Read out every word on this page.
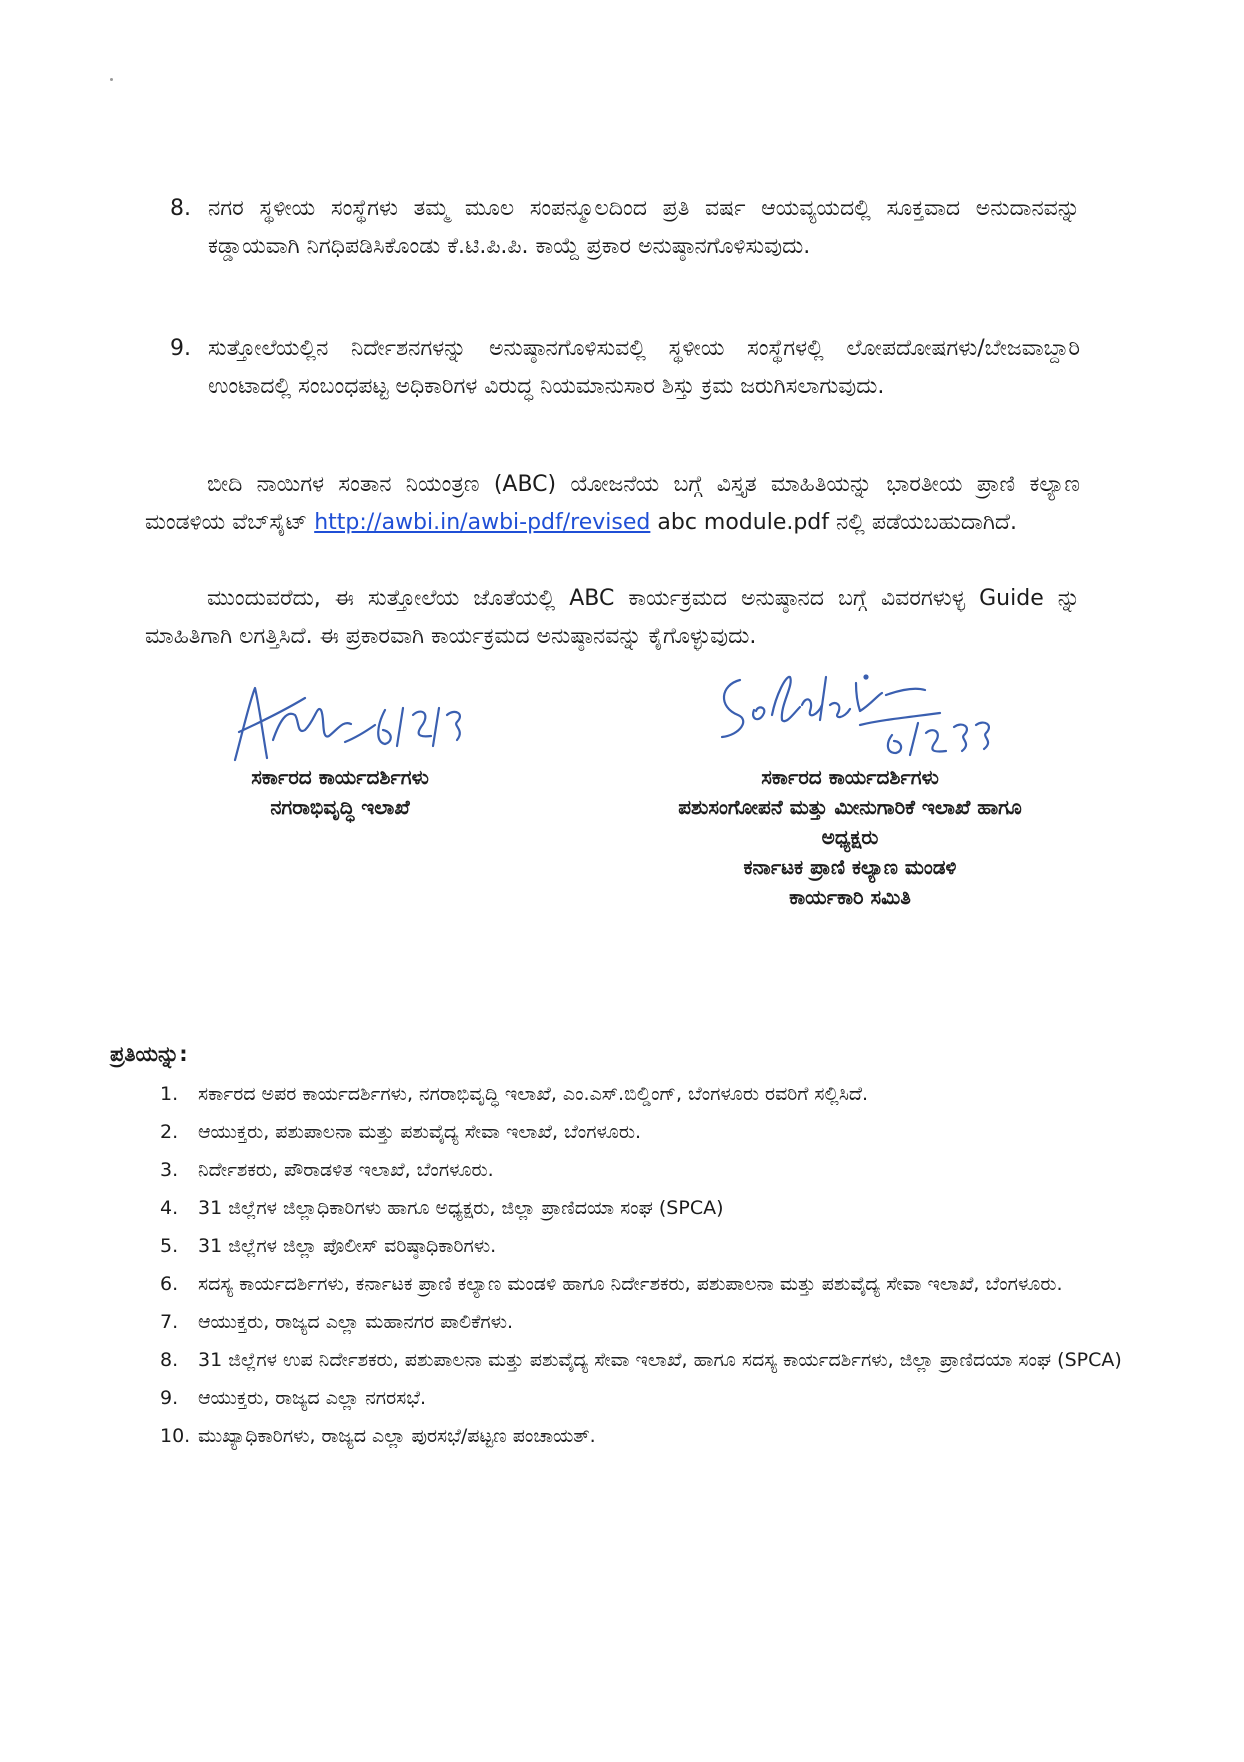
8. ನಗರ ಸ್ಥಳೀಯ ಸಂಸ್ಥೆಗಳು ತಮ್ಮ ಮೂಲ ಸಂಪನ್ಮೂಲದಿಂದ ಪ್ರತಿ ವರ್ಷ ಆಯವ್ಯಯದಲ್ಲಿ ಸೂಕ್ತವಾದ ಅನುದಾನವನ್ನು ಕಡ್ಡಾಯವಾಗಿ ನಿಗಧಿಪಡಿಸಿಕೊಂಡು ಕೆ.ಟಿ.ಪಿ.ಪಿ. ಕಾಯ್ದೆ ಪ್ರಕಾರ ಅನುಷ್ಠಾನಗೊಳಿಸುವುದು.
9. ಸುತ್ತೋಲೆಯಲ್ಲಿನ ನಿರ್ದೇಶನಗಳನ್ನು ಅನುಷ್ಠಾನಗೊಳಿಸುವಲ್ಲಿ ಸ್ಥಳೀಯ ಸಂಸ್ಥೆಗಳಲ್ಲಿ ಲೋಪದೋಷಗಳು/ಬೇಜವಾಬ್ದಾರಿ ಉಂಟಾದಲ್ಲಿ ಸಂಬಂಧಪಟ್ಟ ಅಧಿಕಾರಿಗಳ ವಿರುದ್ಧ ನಿಯಮಾನುಸಾರ ಶಿಸ್ತು ಕ್ರಮ ಜರುಗಿಸಲಾಗುವುದು.
ಬೀದಿ ನಾಯಿಗಳ ಸಂತಾನ ನಿಯಂತ್ರಣ (ABC) ಯೋಜನೆಯ ಬಗ್ಗೆ ವಿಸ್ತೃತ ಮಾಹಿತಿಯನ್ನು ಭಾರತೀಯ ಪ್ರಾಣಿ ಕಲ್ಯಾಣ ಮಂಡಳಿಯ ವೆಬ್‌ಸೈಟ್ http://awbi.in/awbi-pdf/revised abc module.pdf ನಲ್ಲಿ ಪಡೆಯಬಹುದಾಗಿದೆ.
ಮುಂದುವರೆದು, ಈ ಸುತ್ತೋಲೆಯ ಜೊತೆಯಲ್ಲಿ ABC ಕಾರ್ಯಕ್ರಮದ ಅನುಷ್ಠಾನದ ಬಗ್ಗೆ ವಿವರಗಳುಳ್ಳ Guide ನ್ನು ಮಾಹಿತಿಗಾಗಿ ಲಗತ್ತಿಸಿದೆ. ಈ ಪ್ರಕಾರವಾಗಿ ಕಾರ್ಯಕ್ರಮದ ಅನುಷ್ಠಾನವನ್ನು ಕೈಗೊಳ್ಳುವುದು.
ಸರ್ಕಾರದ ಕಾರ್ಯದರ್ಶಿಗಳು
ನಗರಾಭಿವೃದ್ಧಿ ಇಲಾಖೆ
ಸರ್ಕಾರದ ಕಾರ್ಯದರ್ಶಿಗಳು
ಪಶುಸಂಗೋಪನೆ ಮತ್ತು ಮೀನುಗಾರಿಕೆ ಇಲಾಖೆ ಹಾಗೂ
ಅಧ್ಯಕ್ಷರು
ಕರ್ನಾಟಕ ಪ್ರಾಣಿ ಕಲ್ಯಾಣ ಮಂಡಳಿ
ಕಾರ್ಯಕಾರಿ ಸಮಿತಿ
ಪ್ರತಿಯನ್ನು:
1. ಸರ್ಕಾರದ ಅಪರ ಕಾರ್ಯದರ್ಶಿಗಳು, ನಗರಾಭಿವೃದ್ಧಿ ಇಲಾಖೆ, ಎಂ.ಎಸ್.ಬಿಲ್ಡಿಂಗ್, ಬೆಂಗಳೂರು ರವರಿಗೆ ಸಲ್ಲಿಸಿದೆ.
2. ಆಯುಕ್ತರು, ಪಶುಪಾಲನಾ ಮತ್ತು ಪಶುವೈದ್ಯ ಸೇವಾ ಇಲಾಖೆ, ಬೆಂಗಳೂರು.
3. ನಿರ್ದೇಶಕರು, ಪೌರಾಡಳಿತ ಇಲಾಖೆ, ಬೆಂಗಳೂರು.
4. 31 ಜಿಲ್ಲೆಗಳ ಜಿಲ್ಲಾಧಿಕಾರಿಗಳು ಹಾಗೂ ಅಧ್ಯಕ್ಷರು, ಜಿಲ್ಲಾ ಪ್ರಾಣಿದಯಾ ಸಂಘ (SPCA)
5. 31 ಜಿಲ್ಲೆಗಳ ಜಿಲ್ಲಾ ಪೊಲೀಸ್ ವರಿಷ್ಠಾಧಿಕಾರಿಗಳು.
6. ಸದಸ್ಯ ಕಾರ್ಯದರ್ಶಿಗಳು, ಕರ್ನಾಟಕ ಪ್ರಾಣಿ ಕಲ್ಯಾಣ ಮಂಡಳಿ ಹಾಗೂ ನಿರ್ದೇಶಕರು, ಪಶುಪಾಲನಾ ಮತ್ತು ಪಶುವೈದ್ಯ ಸೇವಾ ಇಲಾಖೆ, ಬೆಂಗಳೂರು.
7. ಆಯುಕ್ತರು, ರಾಜ್ಯದ ಎಲ್ಲಾ ಮಹಾನಗರ ಪಾಲಿಕೆಗಳು.
8. 31 ಜಿಲ್ಲೆಗಳ ಉಪ ನಿರ್ದೇಶಕರು, ಪಶುಪಾಲನಾ ಮತ್ತು ಪಶುವೈದ್ಯ ಸೇವಾ ಇಲಾಖೆ, ಹಾಗೂ ಸದಸ್ಯ ಕಾರ್ಯದರ್ಶಿಗಳು, ಜಿಲ್ಲಾ ಪ್ರಾಣಿದಯಾ ಸಂಘ (SPCA)
9. ಆಯುಕ್ತರು, ರಾಜ್ಯದ ಎಲ್ಲಾ ನಗರಸಭೆ.
10. ಮುಖ್ಯಾಧಿಕಾರಿಗಳು, ರಾಜ್ಯದ ಎಲ್ಲಾ ಪುರಸಭೆ/ಪಟ್ಟಣ ಪಂಚಾಯತ್.
